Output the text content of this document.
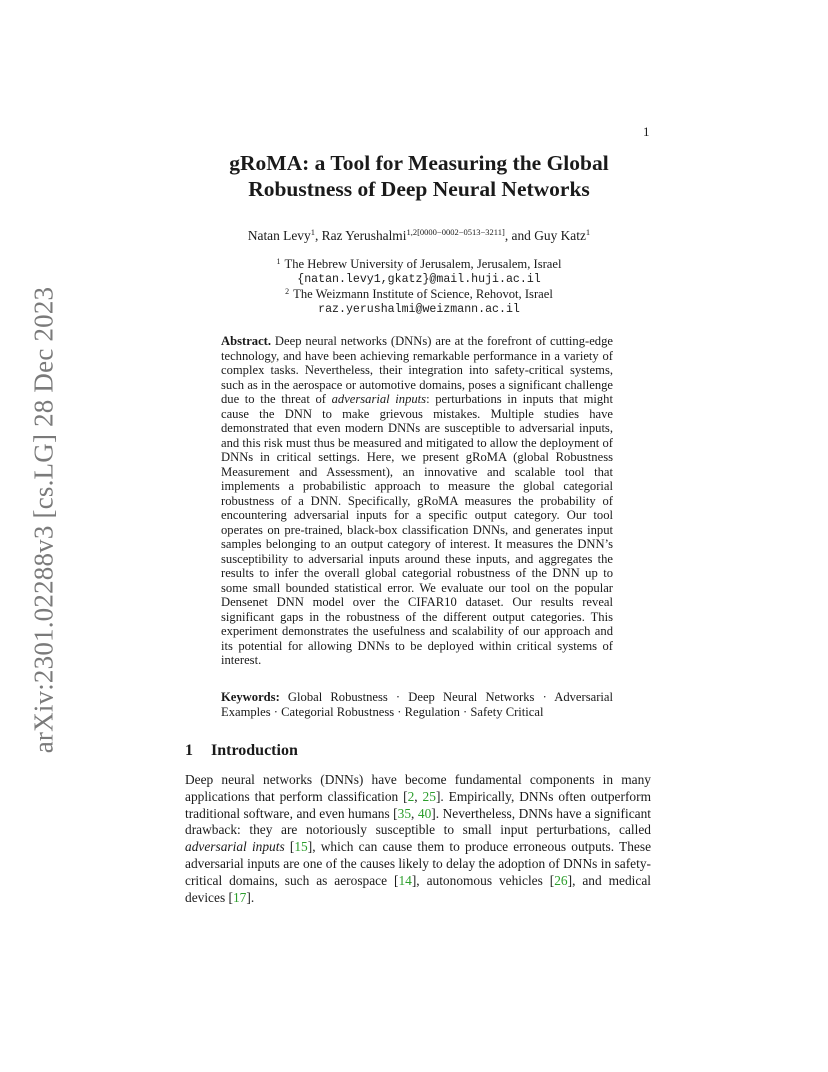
arXiv:2301.02288v3 [cs.LG] 28 Dec 2023
1
gRoMA: a Tool for Measuring the Global
Robustness of Deep Neural Networks
Natan Levy$^1$, Raz Yerushalmi$^{1,2[0000-0002-0513-3211]}$, and Guy Katz$^1$
$^1$ The Hebrew University of Jerusalem, Jerusalem, Israel
{natan.levy1,gkatz}@mail.huji.ac.il
$^2$ The Weizmann Institute of Science, Rehovot, Israel
raz.yerushalmi@weizmann.ac.il
Abstract. Deep neural networks (DNNs) are at the forefront of cutting-edge technology, and have been achieving remarkable performance in a variety of complex tasks. Nevertheless, their integration into safety-critical systems, such as in the aerospace or automotive domains, poses a significant challenge due to the threat of adversarial inputs: perturbations in inputs that might cause the DNN to make grievous mistakes. Multiple studies have demonstrated that even modern DNNs are susceptible to adversarial inputs, and this risk must thus be measured and mitigated to allow the deployment of DNNs in critical settings. Here, we present gRoMA (global Robustness Measurement and Assessment), an innovative and scalable tool that implements a probabilistic approach to measure the global categorial robustness of a DNN. Specifically, gRoMA measures the probability of encountering adversarial inputs for a specific output category. Our tool operates on pre-trained, black-box classification DNNs, and generates input samples belonging to an output category of interest. It measures the DNN’s susceptibility to adversarial inputs around these inputs, and aggregates the results to infer the overall global categorial robustness of the DNN up to some small bounded statistical error. We evaluate our tool on the popular Densenet DNN model over the CIFAR10 dataset. Our results reveal significant gaps in the robustness of the different output categories. This experiment demonstrates the usefulness and scalability of our approach and its potential for allowing DNNs to be deployed within critical systems of interest.
Keywords: Global Robustness · Deep Neural Networks · Adversarial Examples · Categorial Robustness · Regulation · Safety Critical
1 Introduction
Deep neural networks (DNNs) have become fundamental components in many applications that perform classification [2, 25]. Empirically, DNNs often outperform traditional software, and even humans [35, 40]. Nevertheless, DNNs have a significant drawback: they are notoriously susceptible to small input perturbations, called adversarial inputs [15], which can cause them to produce erroneous outputs. These adversarial inputs are one of the causes likely to delay the adoption of DNNs in safety-critical domains, such as aerospace [14], autonomous vehicles [26], and medical devices [17].
